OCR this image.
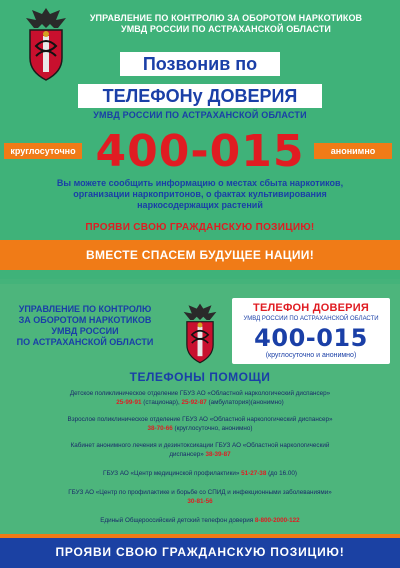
УПРАВЛЕНИЕ ПО КОНТРОЛЮ ЗА ОБОРОТОМ НАРКОТИКОВ
УМВД РОССИИ ПО АСТРАХАНСКОЙ ОБЛАСТИ
Позвонив по
ТЕЛЕФОНу ДОВЕРИЯ
УМВД РОССИИ ПО АСТРАХАНСКОЙ ОБЛАСТИ
круглосуточно 400-015	анонимно
Вы можете сообщить информацию о местах сбыта наркотиков,
организации наркопритонов, о фактах культивирования
наркосодержащих растений
ПРОЯВИ СВОЮ ГРАЖДАНСКУЮ ПОЗИЦИЮ!
ВМЕСТЕ СПАСЕМ БУДУЩЕЕ НАЦИИ!
УПРАВЛЕНИЕ ПО КОНТРОЛЮ
ЗА ОБОРОТОМ НАРКОТИКОВ
УМВД РОССИИ
ПО АСТРАХАНСКОЙ ОБЛАСТИ
ТЕЛЕФОН ДОВЕРИЯ
УМВД РОССИИ ПО АСТРАХАНСКОЙ ОБЛАСТИ
400-015
(круглосуточно и анонимно)
ТЕЛЕФОНЫ ПОМОЩИ
Детское поликлиническое отделение ГБУЗ АО «Областной наркологический диспансер»
25-99-91 (стационар), 25-92-87 (амбулатория)(анонимно)
Взрослое поликлиническое отделение ГБУЗ АО «Областной наркологический диспансер»
38-70-66 (круглосуточно, анонимно)
Кабинет анонимного лечения и дезинтоксикации ГБУЗ АО «Областной наркологический
диспансер» 38-39-87
ГБУЗ АО «Центр медицинской профилактики» 51-27-38 (до 16.00)
ГБУЗ АО «Центр по профилактике и борьбе со СПИД и инфекционными заболеваниями»
30-81-56
Единый Общероссийский детский телефон доверия 8-800-2000-122
ПРОЯВИ СВОЮ ГРАЖДАНСКУЮ ПОЗИЦИЮ!
